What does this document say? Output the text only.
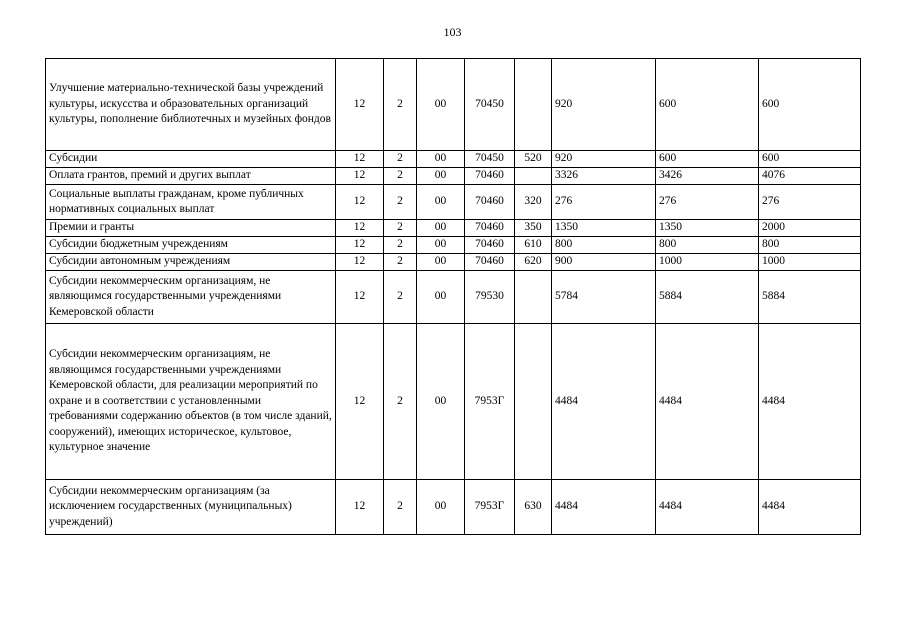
103
Улучшение материально-технической базы учреждений культуры, искусства и образовательных организаций культуры, пополнение библиотечных и музейных фондов	12	2	00	70450		920	600	600
Субсидии	12	2	00	70450	520	920	600	600
Оплата грантов, премий и других выплат	12	2	00	70460		3326	3426	4076
Социальные выплаты гражданам, кроме публичных нормативных социальных выплат	12	2	00	70460	320	276	276	276
Премии и гранты	12	2	00	70460	350	1350	1350	2000
Субсидии бюджетным учреждениям	12	2	00	70460	610	800	800	800
Субсидии автономным учреждениям	12	2	00	70460	620	900	1000	1000
Субсидии некоммерческим организациям, не являющимся государственными учреждениями Кемеровской области	12	2	00	79530		5784	5884	5884
Субсидии некоммерческим организациям, не являющимся государственными учреждениями Кемеровской области, для реализации мероприятий по охране и в соответствии с установленными требованиями содержанию объектов (в том числе зданий, сооружений), имеющих историческое, культовое, культурное значение	12	2	00	7953Г		4484	4484	4484
Субсидии некоммерческим организациям (за исключением государственных (муниципальных) учреждений)	12	2	00	7953Г	630	4484	4484	4484
